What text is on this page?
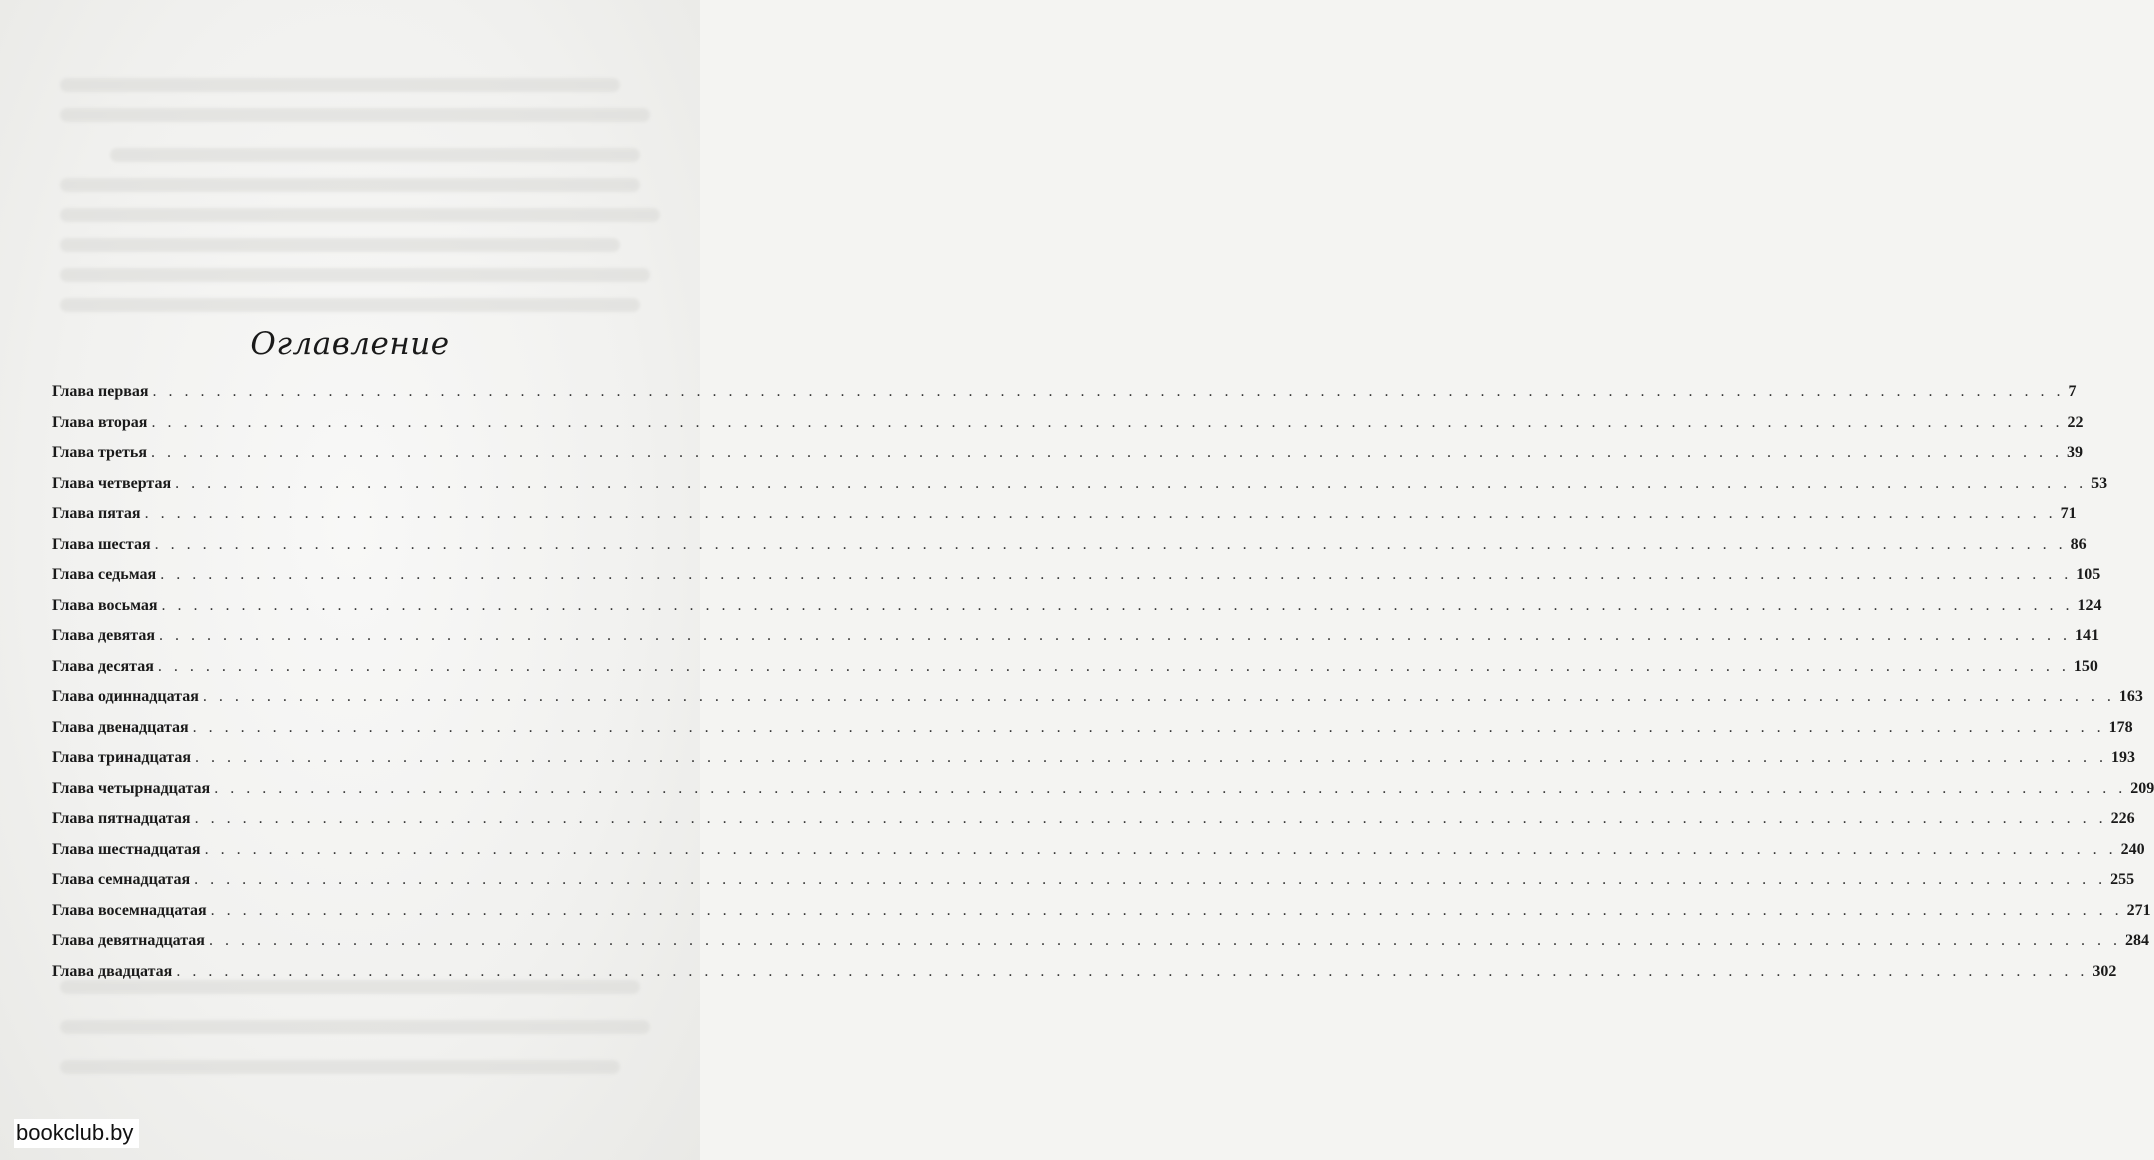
Оглавление
Глава первая . . . . . . . . . . . . . . . . . . . . . . . . . . . . . . . . . . . . . . . . . . . . . . . . . . . . . . . . . . . . . . . . . . . . . . . . . . . . . . . . . . . . . . . . . . . . . . . . . . . . . . . . . . . . . . . . . . . . . . . . 7
Глава вторая . . . . . . . . . . . . . . . . . . . . . . . . . . . . . . . . . . . . . . . . . . . . . . . . . . . . . . . . . . . . . . . . . . . . . . . . . . . . . . . . . . . . . . . . . . . . . . . . . . . . . . . . . . . . . . . . . . . . . . . . 22
Глава третья . . . . . . . . . . . . . . . . . . . . . . . . . . . . . . . . . . . . . . . . . . . . . . . . . . . . . . . . . . . . . . . . . . . . . . . . . . . . . . . . . . . . . . . . . . . . . . . . . . . . . . . . . . . . . . . . . . . . . . . . 39
Глава четвертая . . . . . . . . . . . . . . . . . . . . . . . . . . . . . . . . . . . . . . . . . . . . . . . . . . . . . . . . . . . . . . . . . . . . . . . . . . . . . . . . . . . . . . . . . . . . . . . . . . . . . . . . . . . . . . . . . . . . . . . . 53
Глава пятая . . . . . . . . . . . . . . . . . . . . . . . . . . . . . . . . . . . . . . . . . . . . . . . . . . . . . . . . . . . . . . . . . . . . . . . . . . . . . . . . . . . . . . . . . . . . . . . . . . . . . . . . . . . . . . . . . . . . . . . . 71
Глава шестая . . . . . . . . . . . . . . . . . . . . . . . . . . . . . . . . . . . . . . . . . . . . . . . . . . . . . . . . . . . . . . . . . . . . . . . . . . . . . . . . . . . . . . . . . . . . . . . . . . . . . . . . . . . . . . . . . . . . . . . . 86
Глава седьмая . . . . . . . . . . . . . . . . . . . . . . . . . . . . . . . . . . . . . . . . . . . . . . . . . . . . . . . . . . . . . . . . . . . . . . . . . . . . . . . . . . . . . . . . . . . . . . . . . . . . . . . . . . . . . . . . . . . . . . . . 105
Глава восьмая . . . . . . . . . . . . . . . . . . . . . . . . . . . . . . . . . . . . . . . . . . . . . . . . . . . . . . . . . . . . . . . . . . . . . . . . . . . . . . . . . . . . . . . . . . . . . . . . . . . . . . . . . . . . . . . . . . . . . . . . 124
Глава девятая . . . . . . . . . . . . . . . . . . . . . . . . . . . . . . . . . . . . . . . . . . . . . . . . . . . . . . . . . . . . . . . . . . . . . . . . . . . . . . . . . . . . . . . . . . . . . . . . . . . . . . . . . . . . . . . . . . . . . . . . 141
Глава десятая . . . . . . . . . . . . . . . . . . . . . . . . . . . . . . . . . . . . . . . . . . . . . . . . . . . . . . . . . . . . . . . . . . . . . . . . . . . . . . . . . . . . . . . . . . . . . . . . . . . . . . . . . . . . . . . . . . . . . . . . 150
Глава одиннадцатая . . . . . . . . . . . . . . . . . . . . . . . . . . . . . . . . . . . . . . . . . . . . . . . . . . . . . . . . . . . . . . . . . . . . . . . . . . . . . . . . . . . . . . . . . . . . . . . . . . . . . . . . . . . . . . . . . . . . . . . . 163
Глава двенадцатая . . . . . . . . . . . . . . . . . . . . . . . . . . . . . . . . . . . . . . . . . . . . . . . . . . . . . . . . . . . . . . . . . . . . . . . . . . . . . . . . . . . . . . . . . . . . . . . . . . . . . . . . . . . . . . . . . . . . . . . . 178
Глава тринадцатая . . . . . . . . . . . . . . . . . . . . . . . . . . . . . . . . . . . . . . . . . . . . . . . . . . . . . . . . . . . . . . . . . . . . . . . . . . . . . . . . . . . . . . . . . . . . . . . . . . . . . . . . . . . . . . . . . . . . . . . . 193
Глава четырнадцатая . . . . . . . . . . . . . . . . . . . . . . . . . . . . . . . . . . . . . . . . . . . . . . . . . . . . . . . . . . . . . . . . . . . . . . . . . . . . . . . . . . . . . . . . . . . . . . . . . . . . . . . . . . . . . . . . . . . . . . . . 209
Глава пятнадцатая . . . . . . . . . . . . . . . . . . . . . . . . . . . . . . . . . . . . . . . . . . . . . . . . . . . . . . . . . . . . . . . . . . . . . . . . . . . . . . . . . . . . . . . . . . . . . . . . . . . . . . . . . . . . . . . . . . . . . . . . 226
Глава шестнадцатая . . . . . . . . . . . . . . . . . . . . . . . . . . . . . . . . . . . . . . . . . . . . . . . . . . . . . . . . . . . . . . . . . . . . . . . . . . . . . . . . . . . . . . . . . . . . . . . . . . . . . . . . . . . . . . . . . . . . . . . . 240
Глава семнадцатая . . . . . . . . . . . . . . . . . . . . . . . . . . . . . . . . . . . . . . . . . . . . . . . . . . . . . . . . . . . . . . . . . . . . . . . . . . . . . . . . . . . . . . . . . . . . . . . . . . . . . . . . . . . . . . . . . . . . . . . . 255
Глава восемнадцатая . . . . . . . . . . . . . . . . . . . . . . . . . . . . . . . . . . . . . . . . . . . . . . . . . . . . . . . . . . . . . . . . . . . . . . . . . . . . . . . . . . . . . . . . . . . . . . . . . . . . . . . . . . . . . . . . . . . . . . . . 271
Глава девятнадцатая . . . . . . . . . . . . . . . . . . . . . . . . . . . . . . . . . . . . . . . . . . . . . . . . . . . . . . . . . . . . . . . . . . . . . . . . . . . . . . . . . . . . . . . . . . . . . . . . . . . . . . . . . . . . . . . . . . . . . . . . 284
Глава двадцатая . . . . . . . . . . . . . . . . . . . . . . . . . . . . . . . . . . . . . . . . . . . . . . . . . . . . . . . . . . . . . . . . . . . . . . . . . . . . . . . . . . . . . . . . . . . . . . . . . . . . . . . . . . . . . . . . . . . . . . . . 302
bookclub.by
